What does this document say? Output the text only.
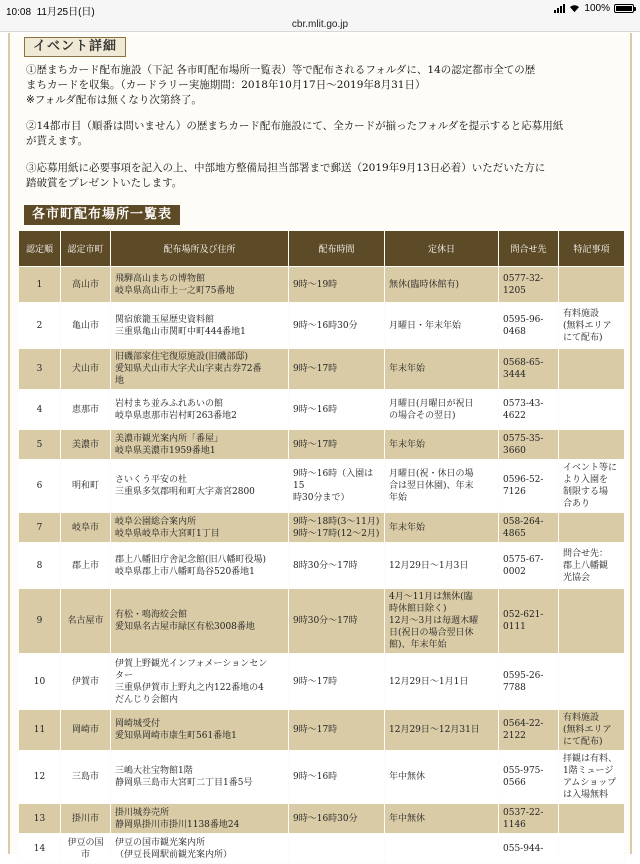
10:08 11月25日(日)	100%
cbr.mlit.go.jp
イベント詳細
①歴まちカード配布施設（下記 各市町配布場所一覧表）等で配布されるフォルダに、14の認定都市全ての歴
まちカードを収集。（カードラリー実施期間：2018年10月17日～2019年8月31日）
※フォルダ配布は無くなり次第終了。
②14都市目（順番は問いません）の歴まちカード配布施設にて、全カードが揃ったフォルダを提示すると応募用紙
が貰えます。
③応募用紙に必要事項を記入の上、中部地方整備局担当部署まで郵送（2019年9月13日必着）いただいた方に
踏破賞をプレゼントいたします。
各市町配布場所一覧表
認定順	認定市町	配布場所及び住所	配布時間	定休日	問合せ先	特記事項
1	高山市	飛騨高山まちの博物館
岐阜県高山市上一之町75番地	9時～19時	無休(臨時休館有)	0577-32-
1205	
2	亀山市	関宿旅籠玉屋歴史資料館
三重県亀山市関町中町444番地1	9時～16時30分	月曜日・年末年始	0595-96-
0468	有料施設
(無料エリア
にて配布)
3	犬山市	旧磯部家住宅復原施設(旧磯部邸)
愛知県犬山市大字犬山字東古券72番
地	9時～17時	年末年始	0568-65-
3444	
4	恵那市	岩村まち並みふれあいの館
岐阜県恵那市岩村町263番地2	9時～16時	月曜日(月曜日が祝日
の場合その翌日)	0573-43-
4622	
5	美濃市	美濃市観光案内所「番屋」
岐阜県美濃市1959番地1	9時～17時	年末年始	0575-35-
3660	
6	明和町	さいくう平安の杜
三重県多気郡明和町大字斎宮2800	9時～16時（入園は15
時30分まで）	月曜日(祝・休日の場
合は翌日休園)、年末
年始	0596-52-
7126	イベント等に
より入園を
制限する場
合あり
7	岐阜市	岐阜公園総合案内所
岐阜県岐阜市大宮町1丁目	9時～18時(3～11月)
9時～17時(12～2月)	年末年始	058-264-
4865	
8	郡上市	郡上八幡旧庁舎記念館(旧八幡町役場)
岐阜県郡上市八幡町島谷520番地1	8時30分～17時	12月29日～1月3日	0575-67-
0002	問合せ先：
郡上八幡観
光協会
9	名古屋市	有松・鳴海絞会館
愛知県名古屋市緑区有松3008番地	9時30分～17時	4月～11月は無休(臨
時休館日除く)
12月～3月は毎週木曜
日(祝日の場合翌日休
館)、年末年始	052-621-
0111	
10	伊賀市	伊賀上野観光インフォメーションセン
ター
三重県伊賀市上野丸之内122番地の4
だんじり会館内	9時～17時	12月29日～1月1日	0595-26-
7788	
11	岡崎市	岡崎城受付
愛知県岡崎市康生町561番地1	9時～17時	12月29日～12月31日	0564-22-
2122	有料施設
(無料エリア
にて配布)
12	三島市	三嶋大社宝物館1階
静岡県三島市大宮町二丁目1番5号	9時～16時	年中無休	055-975-
0566	拝観は有料、
1階ミュージ
アムショップ
は入場無料
13	掛川市	掛川城券売所
静岡県掛川市掛川1138番地24	9時～16時30分	年中無休	0537-22-
1146	
14	伊豆の国市	伊豆の国市観光案内所
（伊豆長岡駅前観光案内所）			055-944-	
